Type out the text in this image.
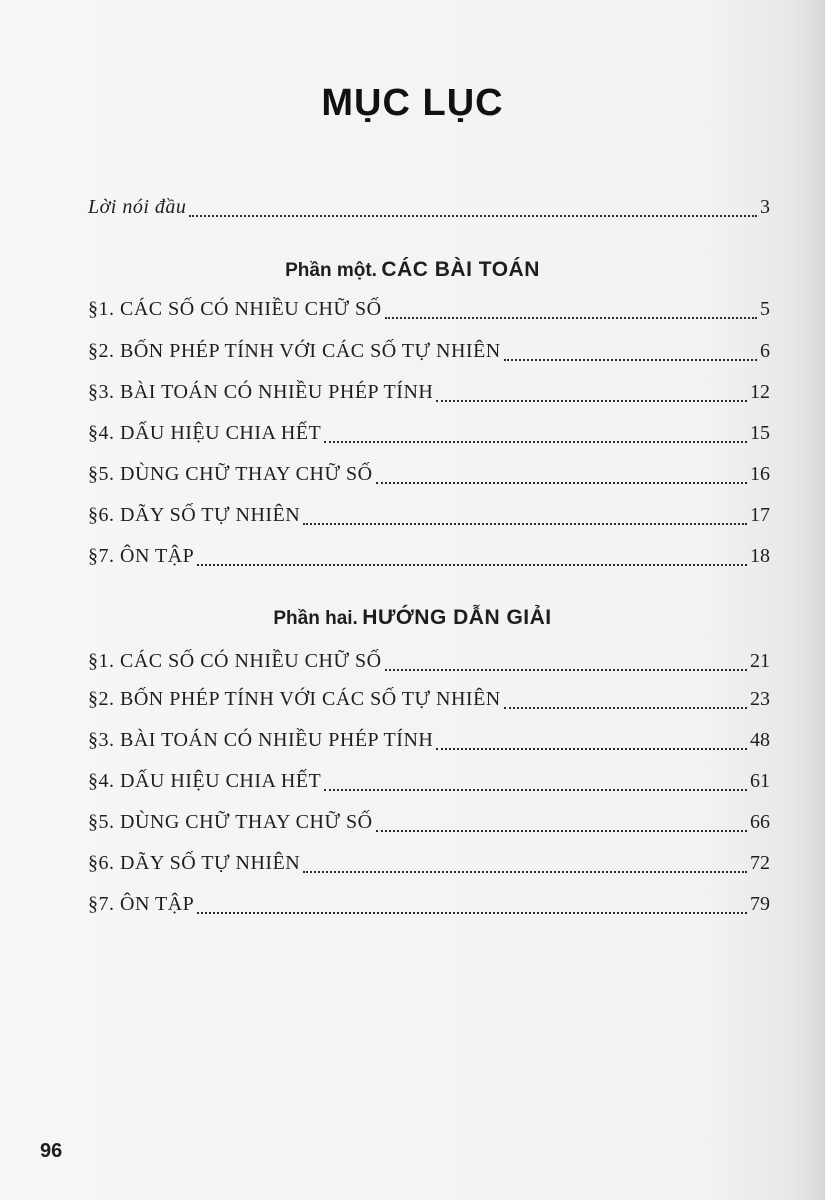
MỤC LỤC
Lời nói đầu	3
Phần một. CÁC BÀI TOÁN
§1. CÁC SỐ CÓ NHIỀU CHỮ SỐ	5
§2. BỐN PHÉP TÍNH VỚI CÁC SỐ TỰ NHIÊN	6
§3. BÀI TOÁN CÓ NHIỀU PHÉP TÍNH	12
§4. DẤU HIỆU CHIA HẾT	15
§5. DÙNG CHỮ THAY CHỮ SỐ	16
§6. DÃY SỐ TỰ NHIÊN	17
§7. ÔN TẬP	18
Phần hai. HƯỚNG DẪN GIẢI
§1. CÁC SỐ CÓ NHIỀU CHỮ SỐ	21
§2. BỐN PHÉP TÍNH VỚI CÁC SỐ TỰ NHIÊN	23
§3. BÀI TOÁN CÓ NHIỀU PHÉP TÍNH	48
§4. DẤU HIỆU CHIA HẾT	61
§5. DÙNG CHỮ THAY CHỮ SỐ	66
§6. DÃY SỐ TỰ NHIÊN	72
§7. ÔN TẬP	79
96
